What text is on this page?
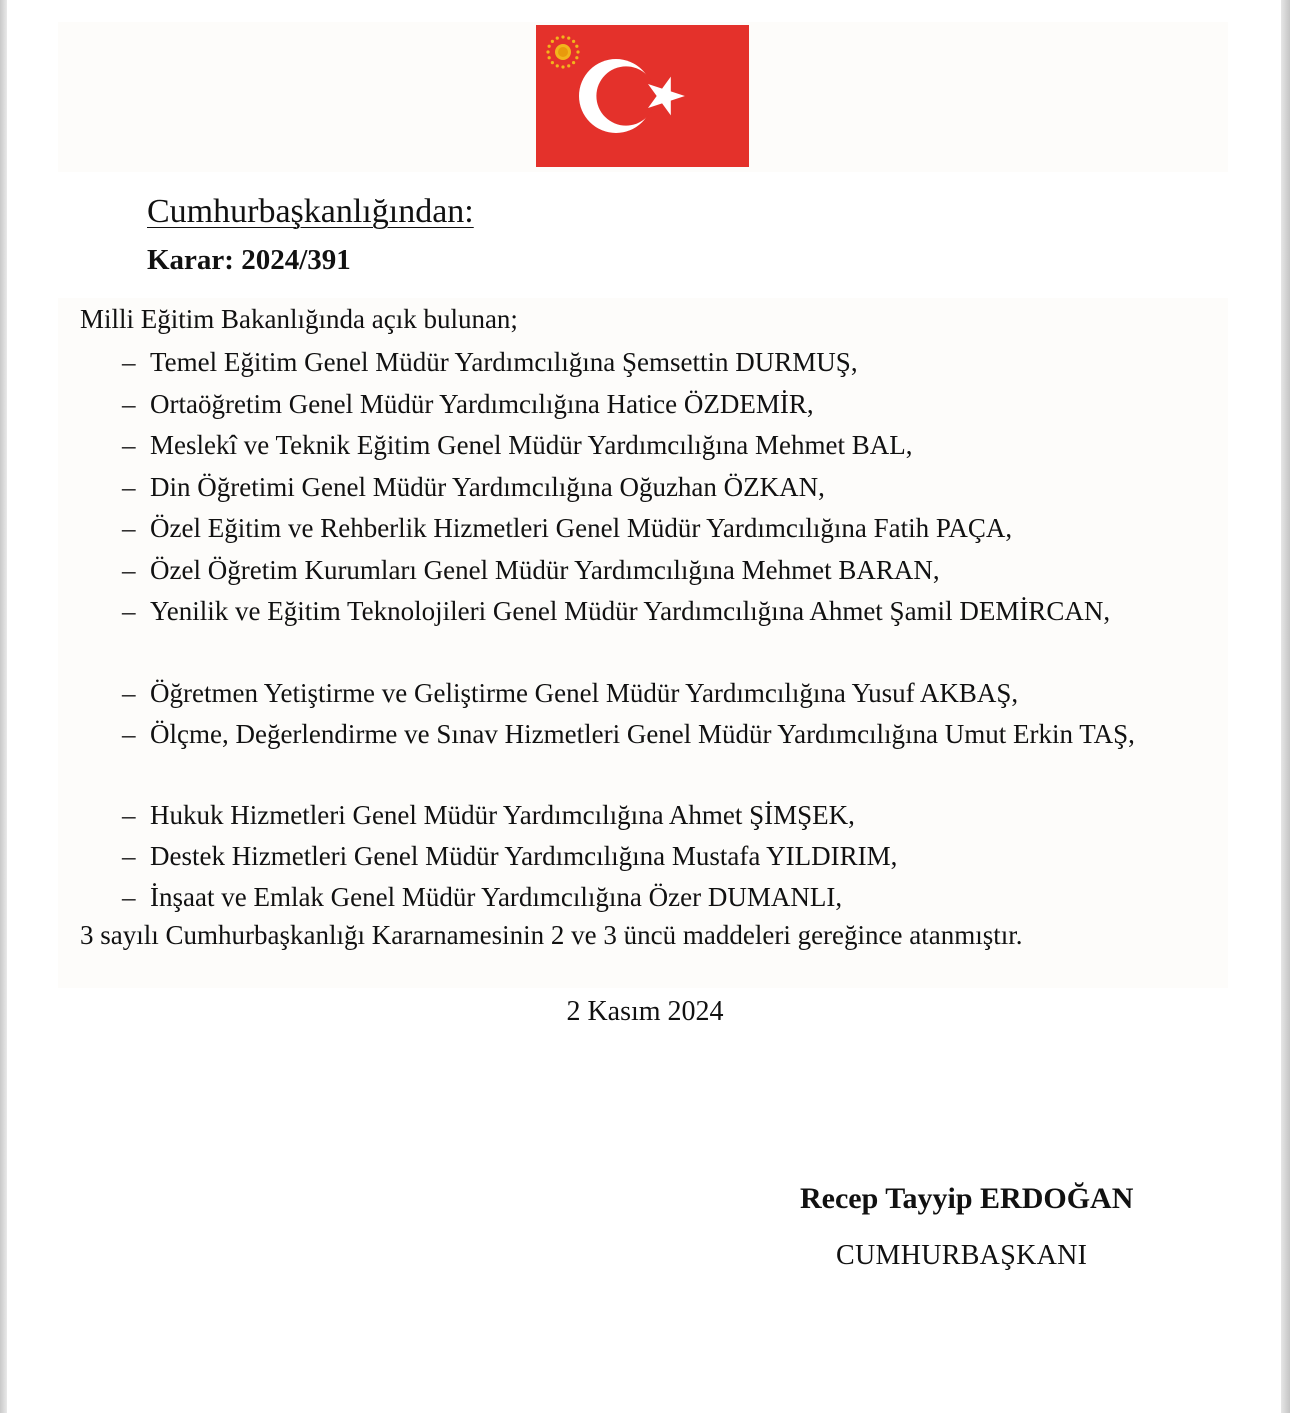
Cumhurbaşkanlığından:
Karar: 2024/391
Milli Eğitim Bakanlığında açık bulunan;
– Temel Eğitim Genel Müdür Yardımcılığına Şemsettin DURMUŞ,
– Ortaöğretim Genel Müdür Yardımcılığına Hatice ÖZDEMİR,
– Meslekî ve Teknik Eğitim Genel Müdür Yardımcılığına Mehmet BAL,
– Din Öğretimi Genel Müdür Yardımcılığına Oğuzhan ÖZKAN,
– Özel Eğitim ve Rehberlik Hizmetleri Genel Müdür Yardımcılığına Fatih PAÇA,
– Özel Öğretim Kurumları Genel Müdür Yardımcılığına Mehmet BARAN,
– Yenilik ve Eğitim Teknolojileri Genel Müdür Yardımcılığına Ahmet Şamil DEMİRCAN,
– Öğretmen Yetiştirme ve Geliştirme Genel Müdür Yardımcılığına Yusuf AKBAŞ,
– Ölçme, Değerlendirme ve Sınav Hizmetleri Genel Müdür Yardımcılığına Umut Erkin TAŞ,
– Hukuk Hizmetleri Genel Müdür Yardımcılığına Ahmet ŞİMŞEK,
– Destek Hizmetleri Genel Müdür Yardımcılığına Mustafa YILDIRIM,
– İnşaat ve Emlak Genel Müdür Yardımcılığına Özer DUMANLI,
3 sayılı Cumhurbaşkanlığı Kararnamesinin 2 ve 3 üncü maddeleri gereğince atanmıştır.
2 Kasım 2024
Recep Tayyip ERDOĞAN
CUMHURBAŞKANI
